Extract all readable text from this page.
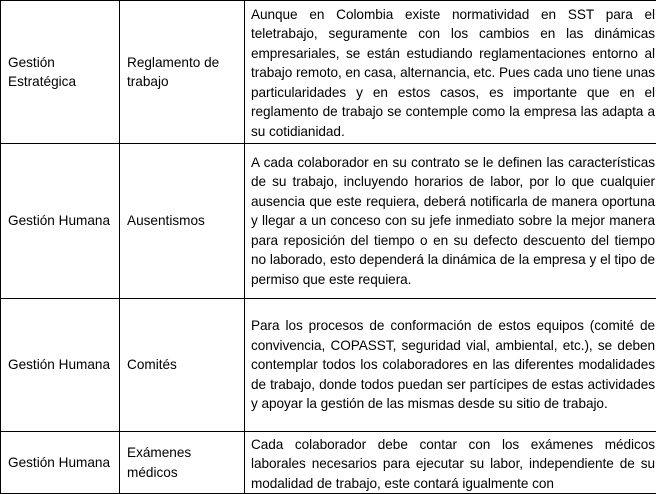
Gestión Estratégica	Reglamento de trabajo	Aunque en Colombia existe normatividad en SST para el teletrabajo, seguramente con los cambios en las dinámicas empresariales, se están estudiando reglamentaciones entorno al trabajo remoto, en casa, alternancia, etc. Pues cada uno tiene unas particularidades y en estos casos, es importante que en el reglamento de trabajo se contemple como la empresa las adapta a su cotidianidad.

Gestión Humana	Ausentismos	A cada colaborador en su contrato se le definen las características de su trabajo, incluyendo horarios de labor, por lo que cualquier ausencia que este requiera, deberá notificarla de manera oportuna y llegar a un conceso con su jefe inmediato sobre la mejor manera para reposición del tiempo o en su defecto descuento del tiempo no laborado, esto dependerá la dinámica de la empresa y el tipo de permiso que este requiera.

Gestión Humana	Comités	Para los procesos de conformación de estos equipos (comité de convivencia, COPASST, seguridad vial, ambiental, etc.), se deben contemplar todos los colaboradores en las diferentes modalidades de trabajo, donde todos puedan ser partícipes de estas actividades y apoyar la gestión de las mismas desde su sitio de trabajo.

Gestión Humana	Exámenes médicos	Cada colaborador debe contar con los exámenes médicos laborales necesarios para ejecutar su labor, independiente de su modalidad de trabajo, este contará igualmente con
